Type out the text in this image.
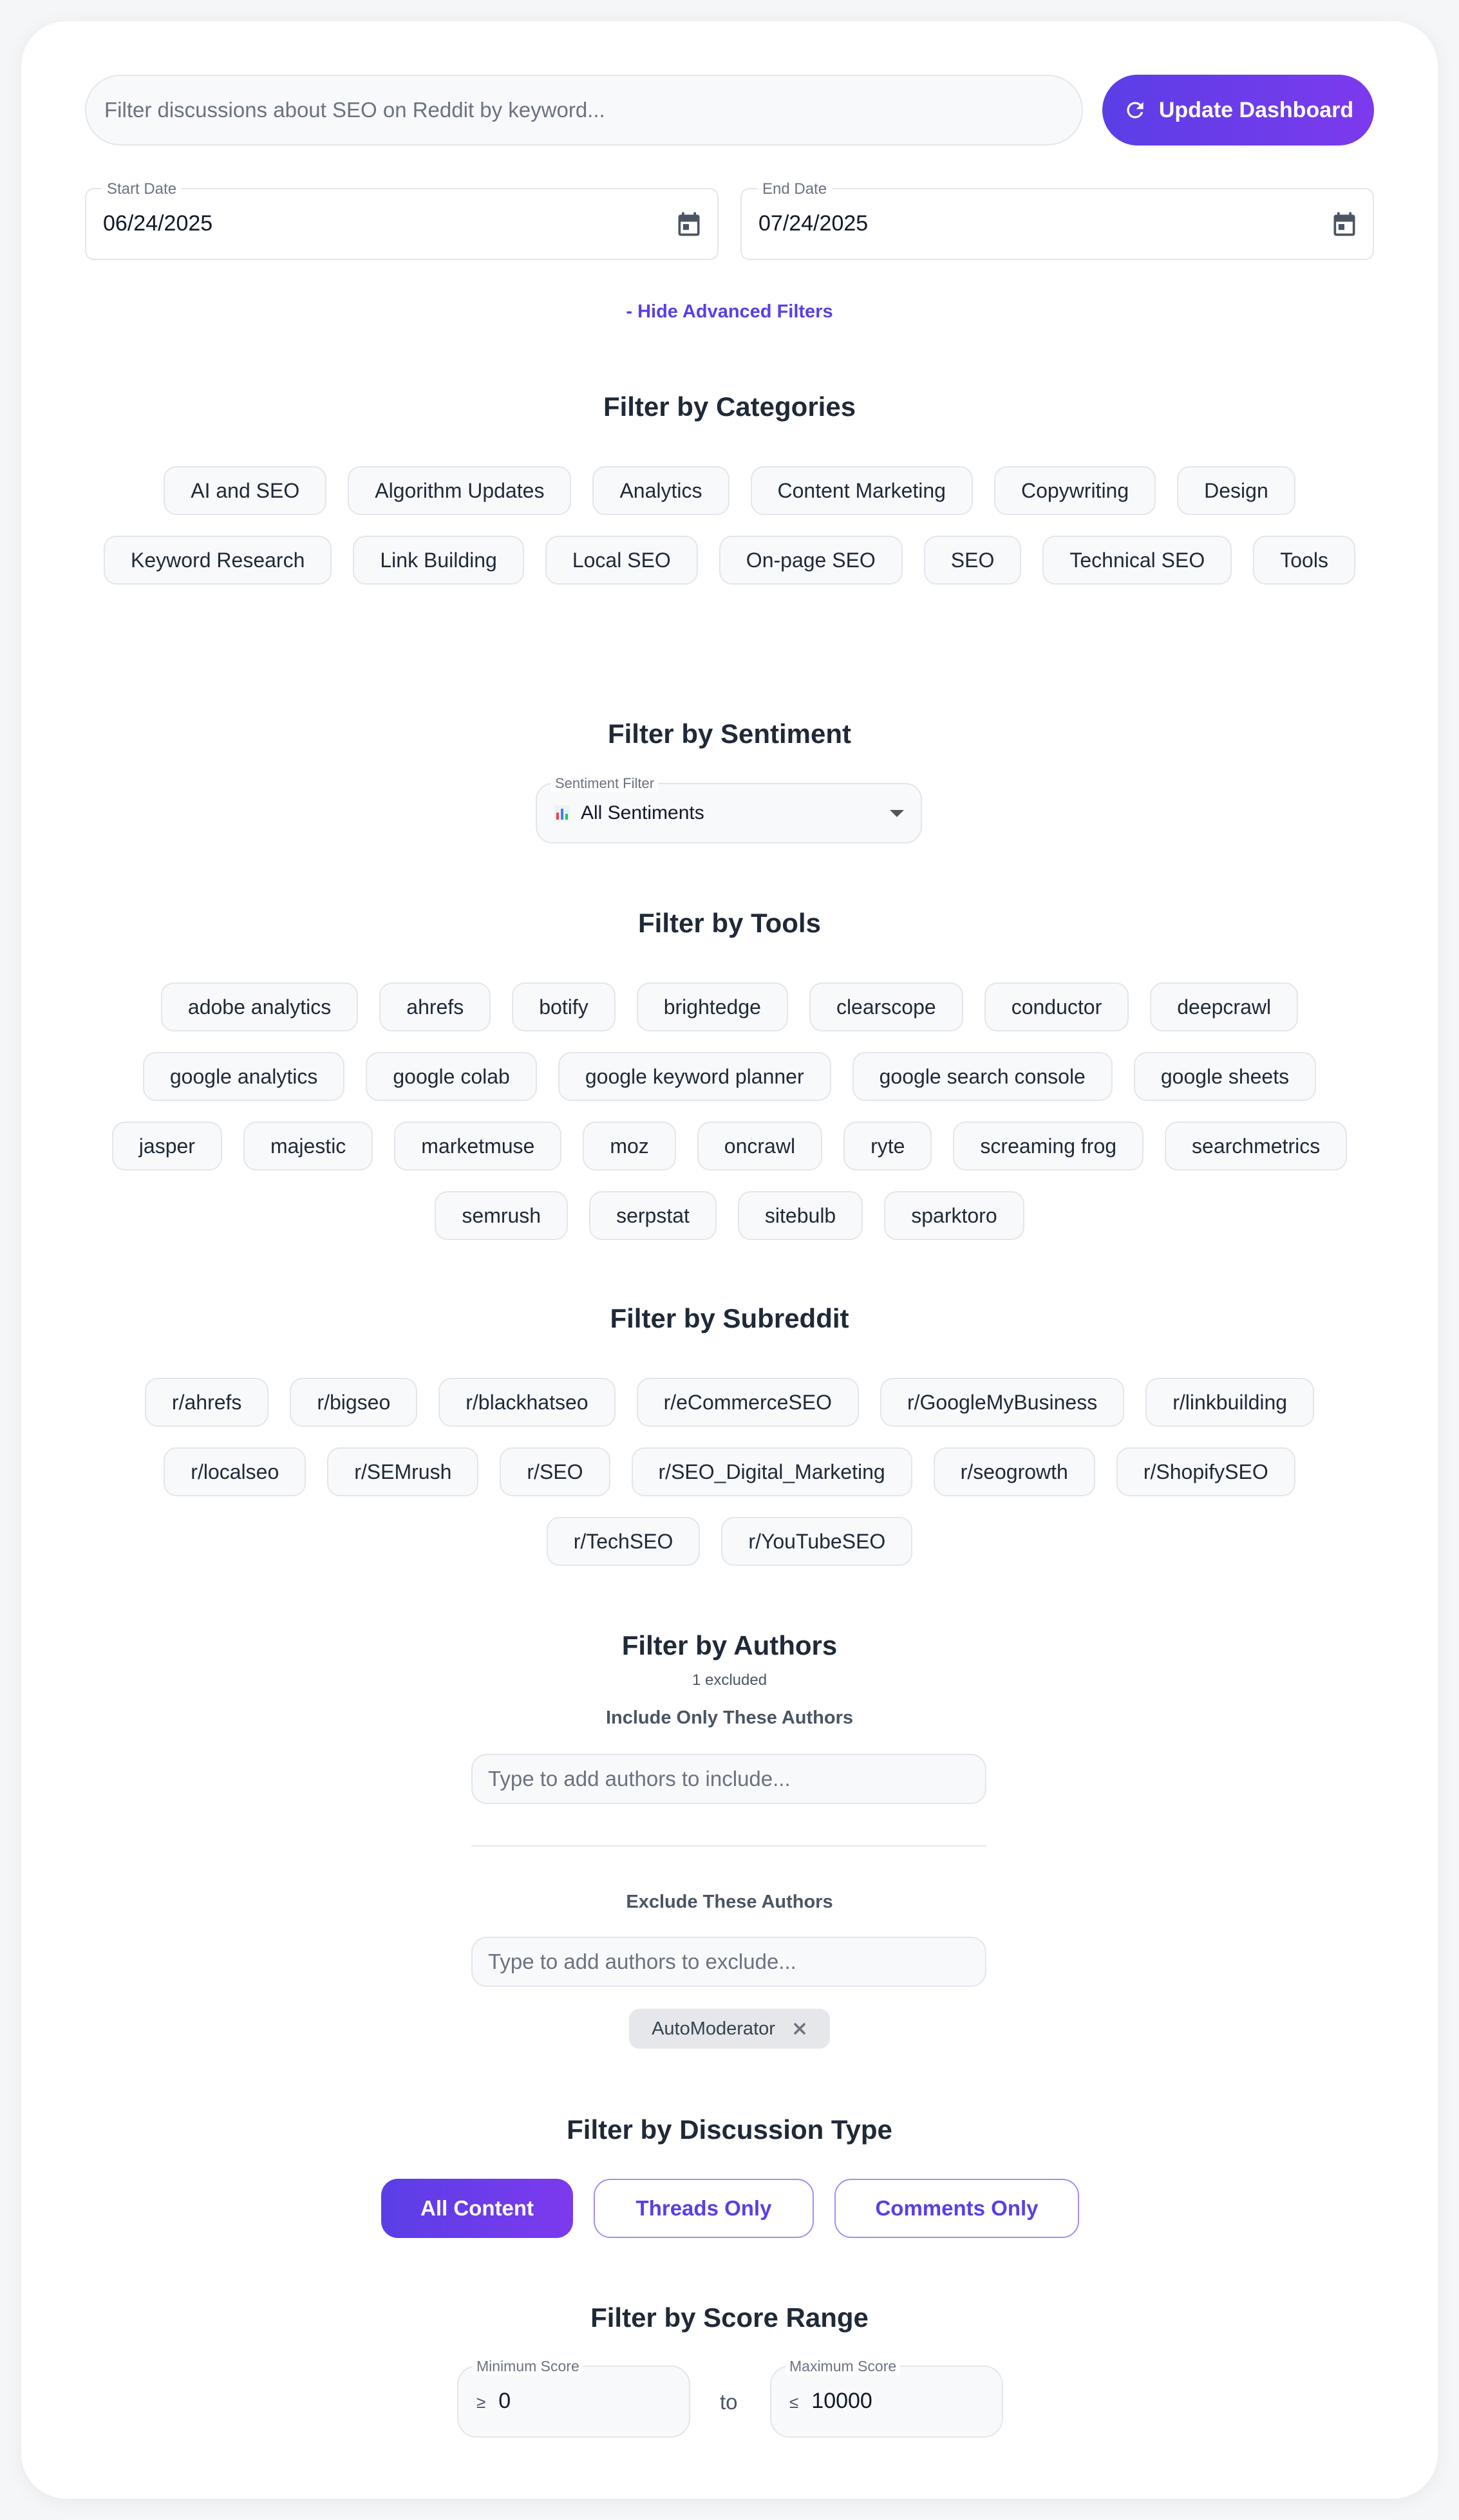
Filter discussions about SEO on Reddit by keyword...	Update Dashboard
Start Date
06/24/2025
End Date
07/24/2025
- Hide Advanced Filters
Filter by Categories
AI and SEO	Algorithm Updates	Analytics	Content Marketing	Copywriting	Design
Keyword Research	Link Building	Local SEO	On-page SEO	SEO	Technical SEO	Tools
Filter by Sentiment
Sentiment Filter
All Sentiments
Filter by Tools
adobe analytics	ahrefs	botify	brightedge	clearscope	conductor	deepcrawl
google analytics	google colab	google keyword planner	google search console	google sheets
jasper	majestic	marketmuse	moz	oncrawl	ryte	screaming frog	searchmetrics
semrush	serpstat	sitebulb	sparktoro
Filter by Subreddit
r/ahrefs	r/bigseo	r/blackhatseo	r/eCommerceSEO	r/GoogleMyBusiness	r/linkbuilding
r/localseo	r/SEMrush	r/SEO	r/SEO_Digital_Marketing	r/seogrowth	r/ShopifySEO
r/TechSEO	r/YouTubeSEO
Filter by Authors
1 excluded
Include Only These Authors
Type to add authors to include...
Exclude These Authors
Type to add authors to exclude...
AutoModerator
Filter by Discussion Type
All Content	Threads Only	Comments Only
Filter by Score Range
Minimum Score
≥ 0	to
Maximum Score
≤ 10000
